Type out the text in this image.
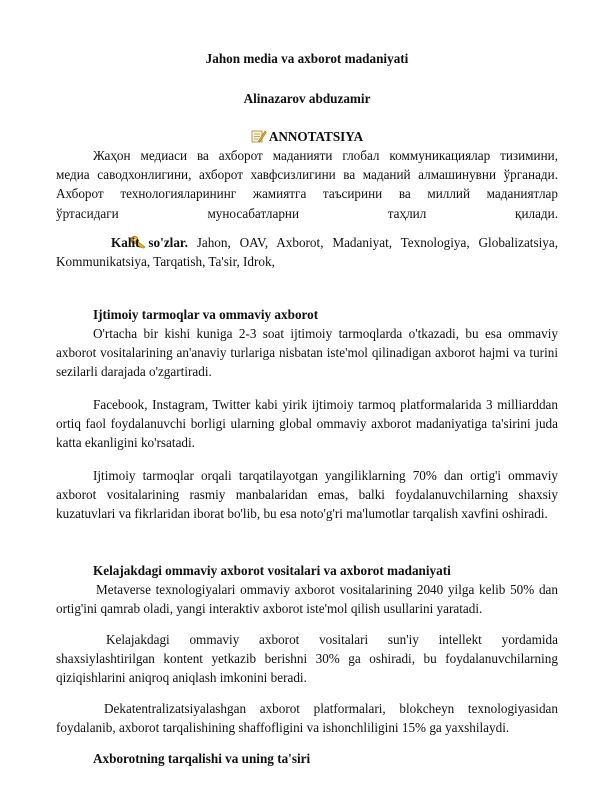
Jahon media va axborot madaniyati
Alinazarov abduzamir
ANNOTATSIYA
Жаҳон медиаси ва ахборот маданияти глобал коммуникациялар тизимини,
медиа саводхонлигини, ахборот хавфсизлигини ва маданий алмашинувни ўрганади.
Ахборот технологияларининг жамиятга таъсирини ва миллий маданиятлар
ўртасидаги муносабатларни таҳлил қилади.
Kalit so'zlar. Jahon, OAV, Axborot, Madaniyat, Texnologiya, Globalizatsiya, Kommunikatsiya, Tarqatish, Ta'sir, Idrok,
Ijtimoiy tarmoqlar va ommaviy axborot
O'rtacha bir kishi kuniga 2-3 soat ijtimoiy tarmoqlarda o'tkazadi, bu esa ommaviy axborot vositalarining an'anaviy turlariga nisbatan iste'mol qilinadigan axborot hajmi va turini sezilarli darajada o'zgartiradi.
Facebook, Instagram, Twitter kabi yirik ijtimoiy tarmoq platformalarida 3 milliarddan ortiq faol foydalanuvchi borligi ularning global ommaviy axborot madaniyatiga ta'sirini juda katta ekanligini ko'rsatadi.
Ijtimoiy tarmoqlar orqali tarqatilayotgan yangiliklarning 70% dan ortig'i ommaviy axborot vositalarining rasmiy manbalaridan emas, balki foydalanuvchilarning shaxsiy kuzatuvlari va fikrlaridan iborat bo'lib, bu esa noto'g'ri ma'lumotlar tarqalish xavfini oshiradi.
Kelajakdagi ommaviy axborot vositalari va axborot madaniyati
Metaverse texnologiyalari ommaviy axborot vositalarining 2040 yilga kelib 50% dan ortig'ini qamrab oladi, yangi interaktiv axborot iste'mol qilish usullarini yaratadi.
Kelajakdagi ommaviy axborot vositalari sun'iy intellekt yordamida shaxsiylashtirilgan kontent yetkazib berishni 30% ga oshiradi, bu foydalanuvchilarning qiziqishlarini aniqroq aniqlash imkonini beradi.
Dekatentralizatsiyalashgan axborot platformalari, blokcheyn texnologiyasidan foydalanib, axborot tarqalishining shaffofligini va ishonchliligini 15% ga yaxshilaydi.
Axborotning tarqalishi va uning ta'siri
